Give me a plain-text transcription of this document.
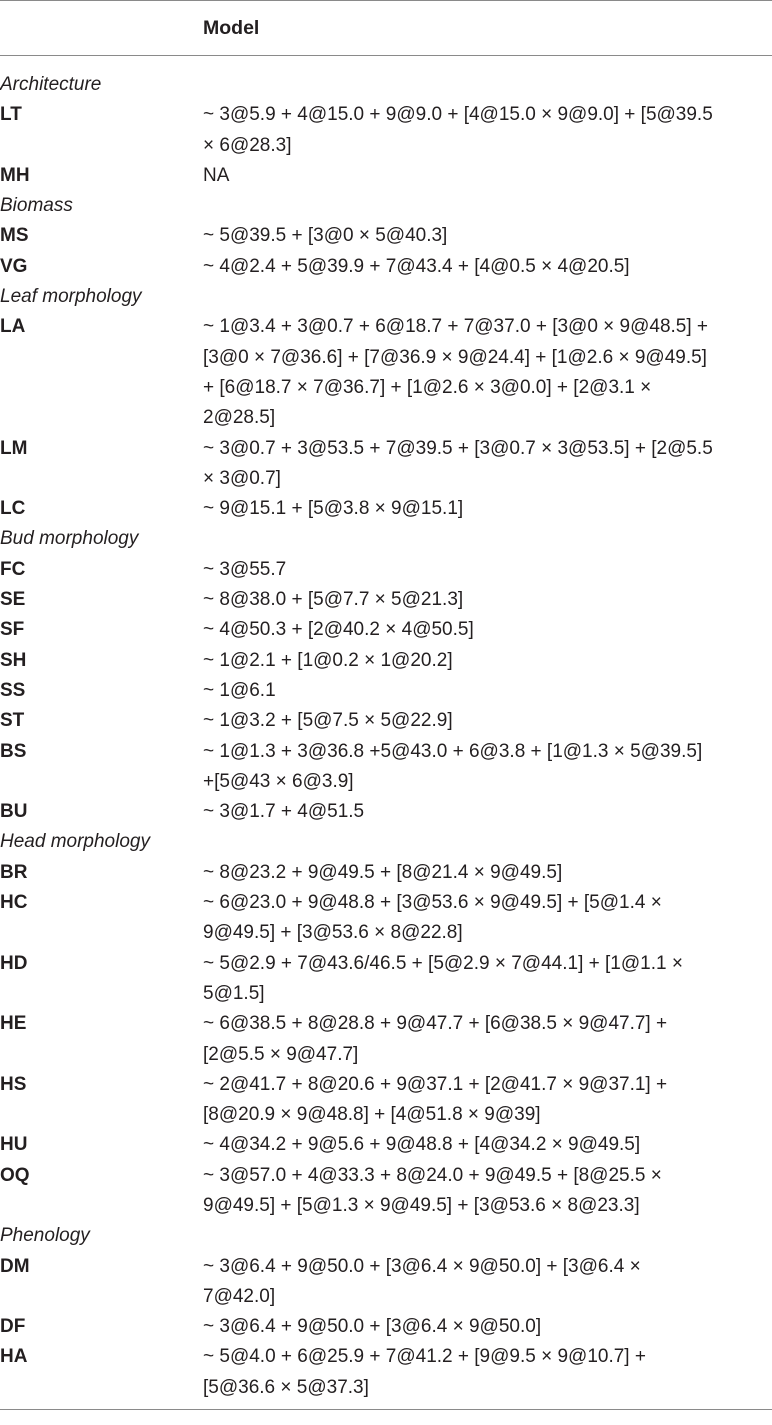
Model
Architecture
LT	~ 3@5.9 + 4@15.0 + 9@9.0 + [4@15.0 × 9@9.0] + [5@39.5
× 6@28.3]
MH	NA
Biomass
MS	~ 5@39.5 + [3@0 × 5@40.3]
VG	~ 4@2.4 + 5@39.9 + 7@43.4 + [4@0.5 × 4@20.5]
Leaf morphology
LA	~ 1@3.4 + 3@0.7 + 6@18.7 + 7@37.0 + [3@0 × 9@48.5] +
[3@0 × 7@36.6] + [7@36.9 × 9@24.4] + [1@2.6 × 9@49.5]
+ [6@18.7 × 7@36.7] + [1@2.6 × 3@0.0] + [2@3.1 ×
2@28.5]
LM	~ 3@0.7 + 3@53.5 + 7@39.5 + [3@0.7 × 3@53.5] + [2@5.5
× 3@0.7]
LC	~ 9@15.1 + [5@3.8 × 9@15.1]
Bud morphology
FC	~ 3@55.7
SE	~ 8@38.0 + [5@7.7 × 5@21.3]
SF	~ 4@50.3 + [2@40.2 × 4@50.5]
SH	~ 1@2.1 + [1@0.2 × 1@20.2]
SS	~ 1@6.1
ST	~ 1@3.2 + [5@7.5 × 5@22.9]
BS	~ 1@1.3 + 3@36.8 +5@43.0 + 6@3.8 + [1@1.3 × 5@39.5]
+[5@43 × 6@3.9]
BU	~ 3@1.7 + 4@51.5
Head morphology
BR	~ 8@23.2 + 9@49.5 + [8@21.4 × 9@49.5]
HC	~ 6@23.0 + 9@48.8 + [3@53.6 × 9@49.5] + [5@1.4 ×
9@49.5] + [3@53.6 × 8@22.8]
HD	~ 5@2.9 + 7@43.6/46.5 + [5@2.9 × 7@44.1] + [1@1.1 ×
5@1.5]
HE	~ 6@38.5 + 8@28.8 + 9@47.7 + [6@38.5 × 9@47.7] +
[2@5.5 × 9@47.7]
HS	~ 2@41.7 + 8@20.6 + 9@37.1 + [2@41.7 × 9@37.1] +
[8@20.9 × 9@48.8] + [4@51.8 × 9@39]
HU	~ 4@34.2 + 9@5.6 + 9@48.8 + [4@34.2 × 9@49.5]
OQ	~ 3@57.0 + 4@33.3 + 8@24.0 + 9@49.5 + [8@25.5 ×
9@49.5] + [5@1.3 × 9@49.5] + [3@53.6 × 8@23.3]
Phenology
DM	~ 3@6.4 + 9@50.0 + [3@6.4 × 9@50.0] + [3@6.4 ×
7@42.0]
DF	~ 3@6.4 + 9@50.0 + [3@6.4 × 9@50.0]
HA	~ 5@4.0 + 6@25.9 + 7@41.2 + [9@9.5 × 9@10.7] +
[5@36.6 × 5@37.3]
